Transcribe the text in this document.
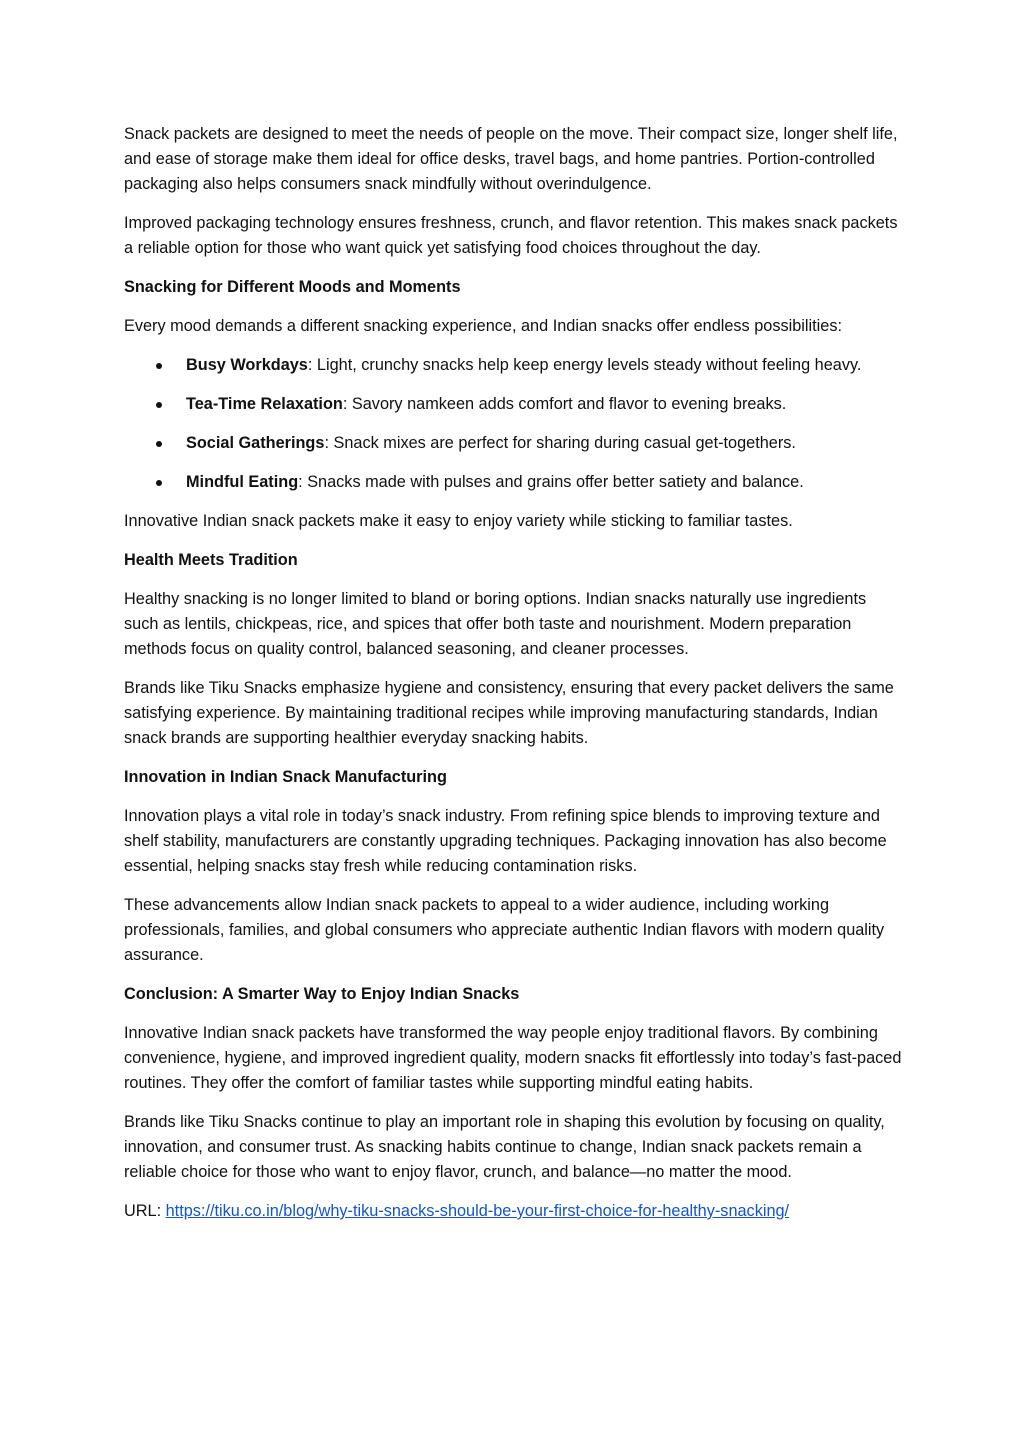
Snack packets are designed to meet the needs of people on the move. Their compact size, longer shelf life, and ease of storage make them ideal for office desks, travel bags, and home pantries. Portion-controlled packaging also helps consumers snack mindfully without overindulgence.

Improved packaging technology ensures freshness, crunch, and flavor retention. This makes snack packets a reliable option for those who want quick yet satisfying food choices throughout the day.

Snacking for Different Moods and Moments

Every mood demands a different snacking experience, and Indian snacks offer endless possibilities:

Busy Workdays: Light, crunchy snacks help keep energy levels steady without feeling heavy.
Tea-Time Relaxation: Savory namkeen adds comfort and flavor to evening breaks.
Social Gatherings: Snack mixes are perfect for sharing during casual get-togethers.
Mindful Eating: Snacks made with pulses and grains offer better satiety and balance.

Innovative Indian snack packets make it easy to enjoy variety while sticking to familiar tastes.

Health Meets Tradition

Healthy snacking is no longer limited to bland or boring options. Indian snacks naturally use ingredients such as lentils, chickpeas, rice, and spices that offer both taste and nourishment. Modern preparation methods focus on quality control, balanced seasoning, and cleaner processes.

Brands like Tiku Snacks emphasize hygiene and consistency, ensuring that every packet delivers the same satisfying experience. By maintaining traditional recipes while improving manufacturing standards, Indian snack brands are supporting healthier everyday snacking habits.

Innovation in Indian Snack Manufacturing

Innovation plays a vital role in today’s snack industry. From refining spice blends to improving texture and shelf stability, manufacturers are constantly upgrading techniques. Packaging innovation has also become essential, helping snacks stay fresh while reducing contamination risks.

These advancements allow Indian snack packets to appeal to a wider audience, including working professionals, families, and global consumers who appreciate authentic Indian flavors with modern quality assurance.

Conclusion: A Smarter Way to Enjoy Indian Snacks

Innovative Indian snack packets have transformed the way people enjoy traditional flavors. By combining convenience, hygiene, and improved ingredient quality, modern snacks fit effortlessly into today’s fast-paced routines. They offer the comfort of familiar tastes while supporting mindful eating habits.

Brands like Tiku Snacks continue to play an important role in shaping this evolution by focusing on quality, innovation, and consumer trust. As snacking habits continue to change, Indian snack packets remain a reliable choice for those who want to enjoy flavor, crunch, and balance—no matter the mood.

URL: https://tiku.co.in/blog/why-tiku-snacks-should-be-your-first-choice-for-healthy-snacking/
